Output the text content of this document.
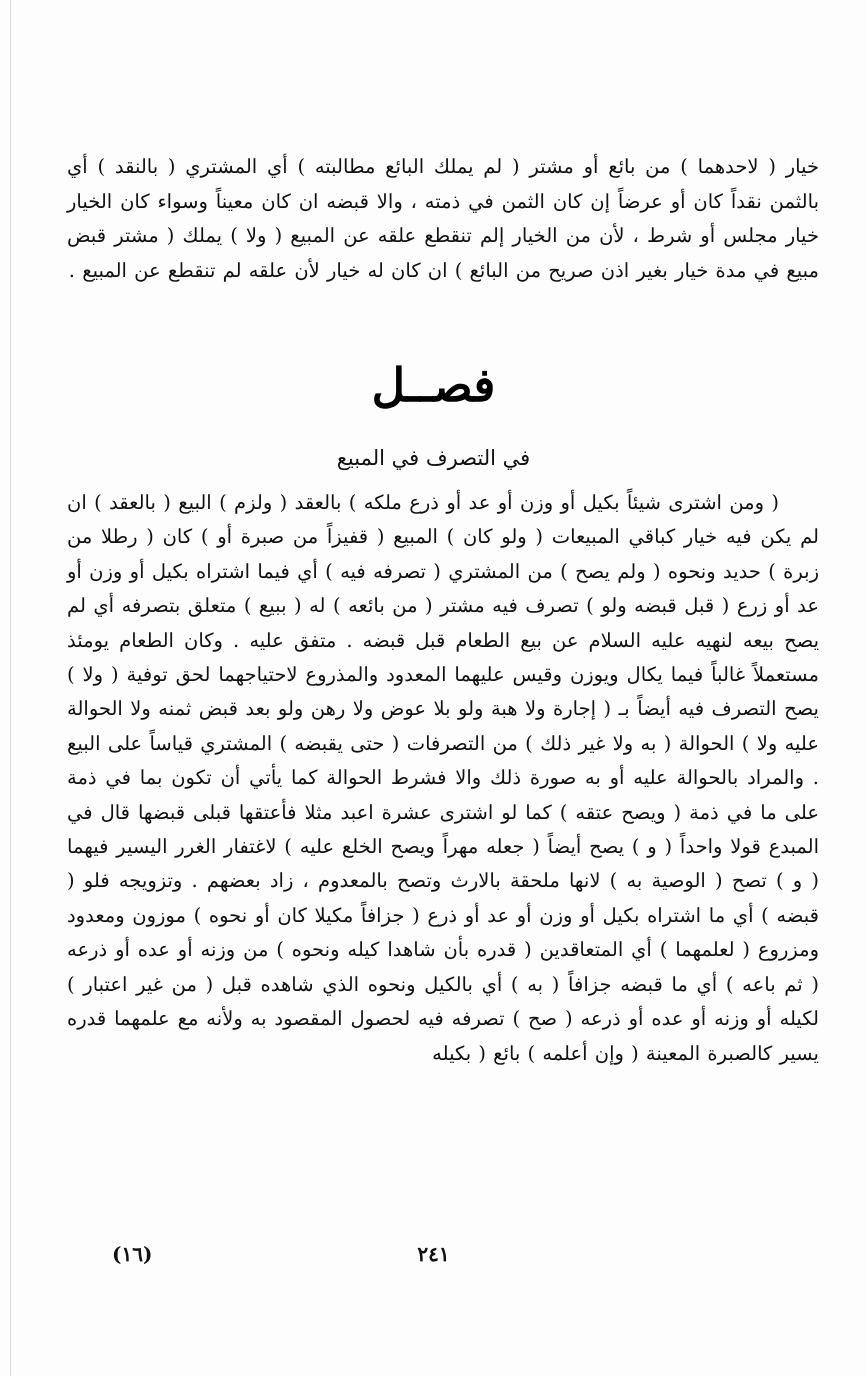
خيار ( لاحدهما ) من بائع أو مشتر ( لم يملك البائع مطالبته ) أي المشتري ( بالنقد ) أي بالثمن نقداً كان أو عرضاً إن كان الثمن في ذمته ، والا قبضه ان كان معيناً وسواء كان الخيار خيار مجلس أو شرط ، لأن من الخيار إلم تنقطع علقه عن المبيع ( ولا ) يملك ( مشتر قبض مبيع في مدة خيار بغير اذن صريح من البائع ) ان كان له خيار لأن علقه لم تنقطع عن المبيع .

فصــل
في التصرف في المبيع

( ومن اشترى شيئاً بكيل أو وزن أو عد أو ذرع ملكه ) بالعقد ( ولزم ) البيع ( بالعقد ) ان لم يكن فيه خيار كباقي المبيعات ( ولو كان ) المبيع ( قفيزاً من صبرة أو ) كان ( رطلا من زبرة ) حديد ونحوه ( ولم يصح ) من المشتري ( تصرفه فيه ) أي فيما اشتراه بكيل أو وزن أو عد أو زرع ( قبل قبضه ولو ) تصرف فيه مشتر ( من بائعه ) له ( ببيع ) متعلق بتصرفه أي لم يصح بيعه لنهيه عليه السلام عن بيع الطعام قبل قبضه . متفق عليه . وكان الطعام يومئذ مستعملاً غالباً فيما يكال ويوزن وقيس عليهما المعدود والمذروع لاحتياجهما لحق توفية ( ولا ) يصح التصرف فيه أيضاً بـ ( إجارة ولا هبة ولو بلا عوض ولا رهن ولو بعد قبض ثمنه ولا الحوالة عليه ولا ) الحوالة ( به ولا غير ذلك ) من التصرفات ( حتى يقبضه ) المشتري قياساً على البيع . والمراد بالحوالة عليه أو به صورة ذلك والا فشرط الحوالة كما يأتي أن تكون بما في ذمة على ما في ذمة ( ويصح عتقه ) كما لو اشترى عشرة اعبد مثلا فأعتقها قبلى قبضها قال في المبدع قولا واحداً ( و ) يصح أيضاً ( جعله مهراً ويصح الخلع عليه ) لاغتفار الغرر اليسير فيهما ( و ) تصح ( الوصية به ) لانها ملحقة بالارث وتصح بالمعدوم ، زاد بعضهم . وتزويجه فلو ( قبضه ) أي ما اشتراه بكيل أو وزن أو عد أو ذرع ( جزافاً مكيلا كان أو نحوه ) موزون ومعدود ومزروع ( لعلمهما ) أي المتعاقدين ( قدره بأن شاهدا كيله ونحوه ) من وزنه أو عده أو ذرعه ( ثم باعه ) أي ما قبضه جزافاً ( به ) أي بالكيل ونحوه الذي شاهده قبل ( من غير اعتبار ) لكيله أو وزنه أو عده أو ذرعه ( صح ) تصرفه فيه لحصول المقصود به ولأنه مع علمهما قدره يسير كالصبرة المعينة ( وإن أعلمه ) بائع ( بكيله

(١٦)	٢٤١
